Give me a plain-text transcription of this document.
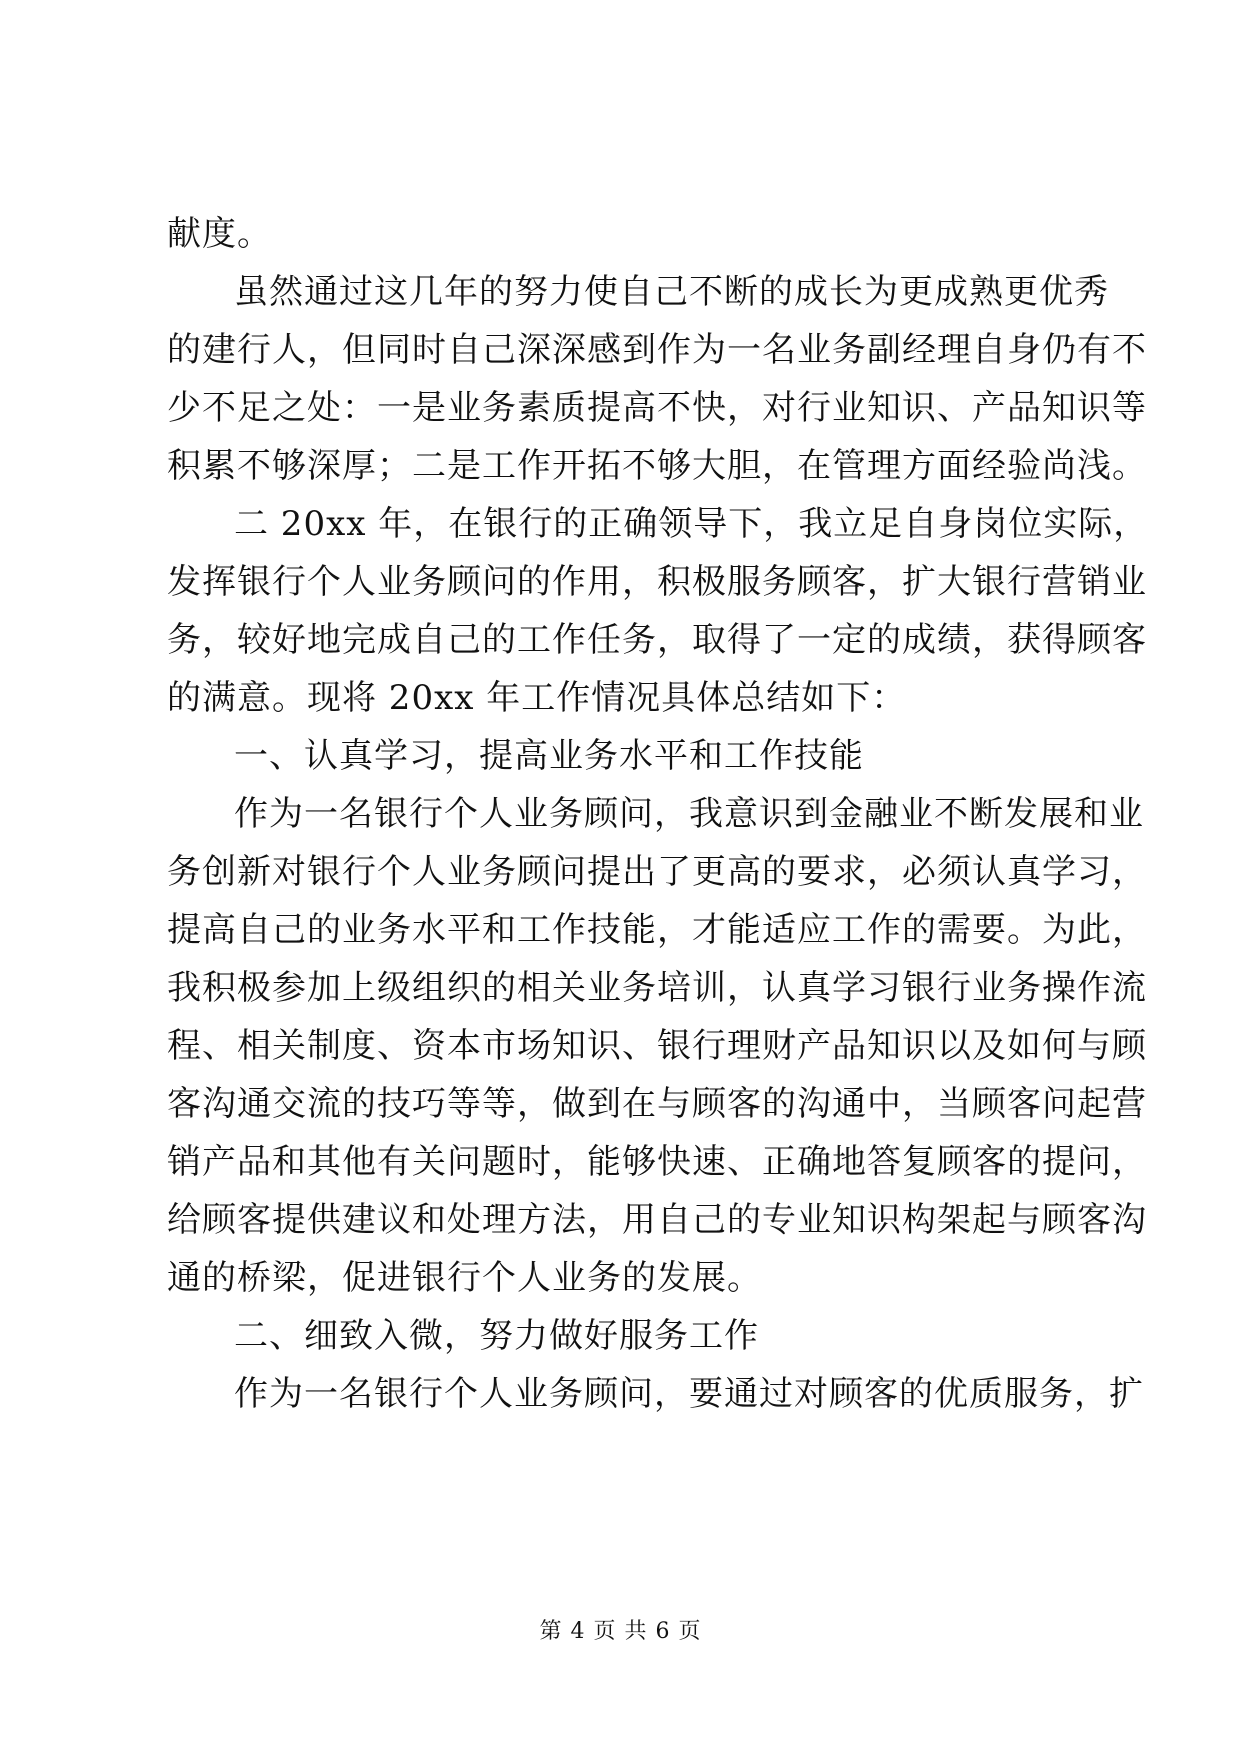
献度。
虽然通过这几年的努力使自己不断的成长为更成熟更优秀
的建行人，但同时自己深深感到作为一名业务副经理自身仍有不
少不足之处：一是业务素质提高不快，对行业知识、产品知识等
积累不够深厚；二是工作开拓不够大胆，在管理方面经验尚浅。
二 20xx 年，在银行的正确领导下，我立足自身岗位实际，
发挥银行个人业务顾问的作用，积极服务顾客，扩大银行营销业
务，较好地完成自己的工作任务，取得了一定的成绩，获得顾客
的满意。现将 20xx 年工作情况具体总结如下：
一、认真学习，提高业务水平和工作技能
作为一名银行个人业务顾问，我意识到金融业不断发展和业
务创新对银行个人业务顾问提出了更高的要求，必须认真学习，
提高自己的业务水平和工作技能，才能适应工作的需要。为此，
我积极参加上级组织的相关业务培训，认真学习银行业务操作流
程、相关制度、资本市场知识、银行理财产品知识以及如何与顾
客沟通交流的技巧等等，做到在与顾客的沟通中，当顾客问起营
销产品和其他有关问题时，能够快速、正确地答复顾客的提问，
给顾客提供建议和处理方法，用自己的专业知识构架起与顾客沟
通的桥梁，促进银行个人业务的发展。
二、细致入微，努力做好服务工作
作为一名银行个人业务顾问，要通过对顾客的优质服务，扩
第 4 页 共 6 页
